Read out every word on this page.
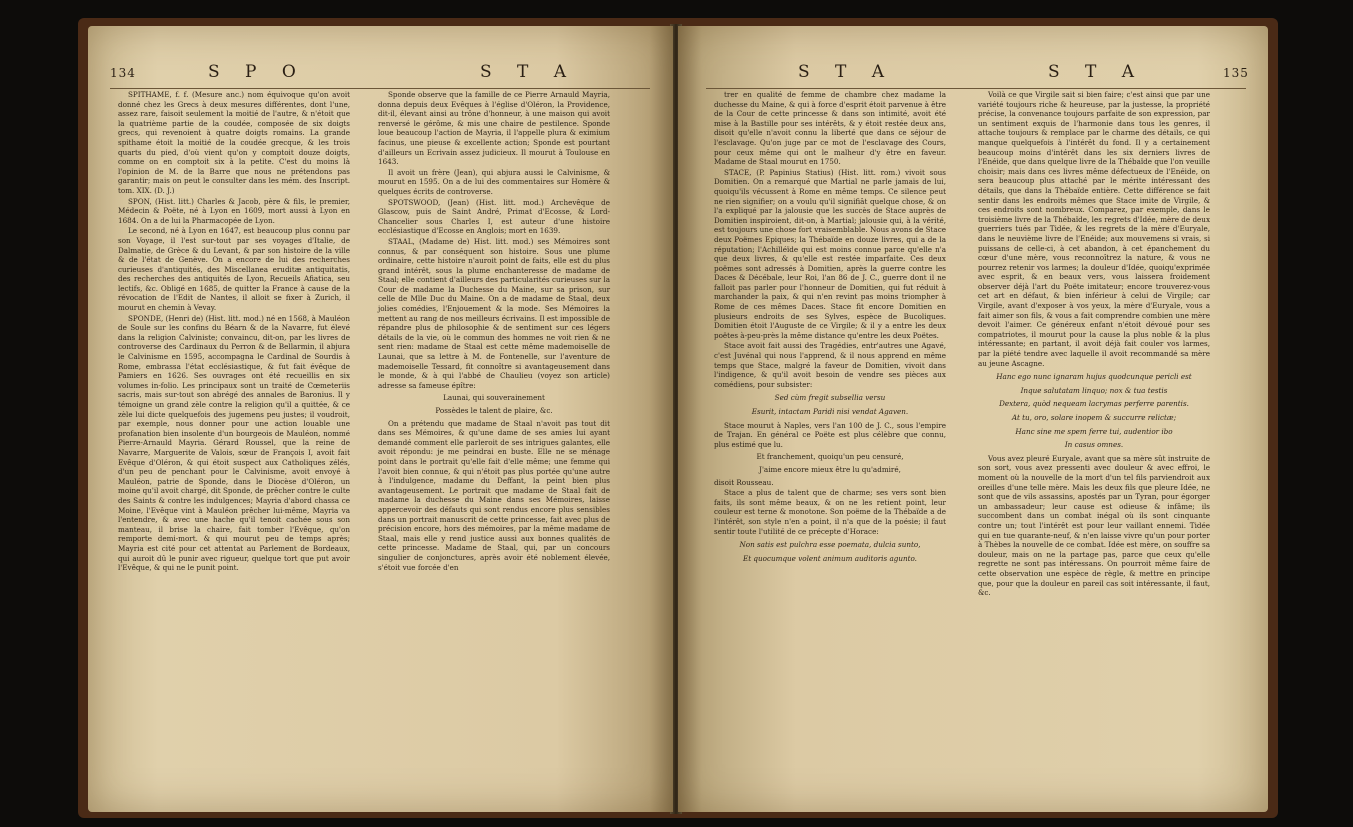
134	S P O	S T A

SPITHAME, f. f. (Mesure anc.) nom équivoque qu'on avoit donné chez les Grecs à deux mesures différentes, dont l'une, assez rare, faisoit seulement la moitié de l'autre, & n'étoit que la quatrième partie de la coudée, composée de six doigts grecs, qui revenoient à quatre doigts romains. La grande spithame étoit la moitié de la coudée grecque, & les trois quarts du pied, d'où vient qu'on y comptoit douze doigts, comme on en comptoit six à la petite. C'est du moins là l'opinion de M. de la Barre que nous ne prétendons pas garantir; mais on peut le consulter dans les mém. des Inscript. tom. XIX. (D. J.)

SPON, (Hist. litt.) Charles & Jacob, père & fils, le premier, Médecin & Poëte, né à Lyon en 1609, mort aussi à Lyon en 1684. On a de lui la Pharmacopée de Lyon.

Le second, né à Lyon en 1647, est beaucoup plus connu par son Voyage, il l'est sur-tout par ses voyages d'Italie, de Dalmatie, de Grèce & du Levant, & par son histoire de la ville & de l'état de Genève. On a encore de lui des recherches curieuses d'antiquités, des Miscellanea eruditæ antiquitatis, des recherches des antiquités de Lyon, Recueils Afiatica, seu lectifs, &c. Obligé en 1685, de quitter la France à cause de la révocation de l'Edit de Nantes, il alloit se fixer à Zurich, il mourut en chemin à Vevay.

SPONDE, (Henri de) (Hist. litt. mod.) né en 1568, à Mauléon de Soule sur les confins du Béarn & de la Navarre, fut élevé dans la religion Calviniste; convaincu, dit-on, par les livres de controverse des Cardinaux du Perron & de Bellarmin, il abjura le Calvinisme en 1595, accompagna le Cardinal de Sourdis à Rome, embrassa l'état ecclésiastique, & fut fait évêque de Pamiers en 1626. Ses ouvrages ont été recueillis en six volumes in-folio. Les principaux sont un traité de Cœmeteriis sacris, mais sur-tout son abrégé des annales de Baronius. Il y témoigne un grand zèle contre la religion qu'il a quittée, & ce zèle lui dicte quelquefois des jugemens peu justes; il voudroit, par exemple, nous donner pour une action louable une profanation bien insolente d'un bourgeois de Mauléon, nommé Pierre-Arnauld Mayria. Gérard Roussel, que la reine de Navarre, Marguerite de Valois, sœur de François I, avoit fait Evêque d'Oléron, & qui étoit suspect aux Catholiques zélés, d'un peu de penchant pour le Calvinisme, avoit envoyé à Mauléon, patrie de Sponde, dans le Diocèse d'Oléron, un moine qu'il avoit chargé, dit Sponde, de prêcher contre le culte des Saints & contre les indulgences; Mayria d'abord chassa ce Moine, l'Evêque vint à Mauléon prêcher lui-même, Mayria va l'entendre, & avec une hache qu'il tenoit cachée sous son manteau, il brise la chaire, fait tomber l'Evêque, qu'on remporte demi-mort. & qui mourut peu de temps après; Mayria est cité pour cet attentat au Parlement de Bordeaux, qui auroit dû le punir avec rigueur, quelque tort que put avoir l'Evêque, & qui ne le punit point.

Sponde observe que la famille de ce Pierre Arnauld Mayria, donna depuis deux Evêques à l'église d'Oléron, la Providence, dit-il, élevant ainsi au trône d'honneur, à une maison qui avoit renversé le gérôme, & mis une chaire de pestilence. Sponde loue beaucoup l'action de Mayria, il l'appelle plura & eximium facinus, une pieuse & excellente action; Sponde est pourtant d'ailleurs un Ecrivain assez judicieux. Il mourut à Toulouse en 1643.

Il avoit un frère (Jean), qui abjura aussi le Calvinisme, & mourut en 1595. On a de lui des commentaires sur Homère & quelques écrits de controverse.

SPOTSWOOD, (Jean) (Hist. litt. mod.) Archevêque de Glascow, puis de Saint André, Primat d'Ecosse, & Lord-Chancelier sous Charles I, est auteur d'une histoire ecclésiastique d'Ecosse en Anglois; mort en 1639.

STAAL, (Madame de) Hist. litt. mod.) ses Mémoires sont connus, & par conséquent son histoire. Sous une plume ordinaire, cette histoire n'auroit point de faits, elle est du plus grand intérêt, sous la plume enchanteresse de madame de Staal; elle contient d'ailleurs des particularités curieuses sur la Cour de madame la Duchesse du Maine, sur sa prison, sur celle de Mlle Duc du Maine. On a de madame de Staal, deux jolies comédies, l'Enjouement & la mode. Ses Mémoires la mettent au rang de nos meilleurs écrivains. Il est impossible de répandre plus de philosophie & de sentiment sur ces légers détails de la vie, où le commun des hommes ne voit rien & ne sent rien: madame de Staal est cette même mademoiselle de Launai, que sa lettre à M. de Fontenelle, sur l'aventure de mademoiselle Tessard, fit connoître si avantageusement dans le monde, & à qui l'abbé de Chaulieu (voyez son article) adresse sa fameuse épître:

Launai, qui souverainement

Possèdes le talent de plaire, &c.

On a prétendu que madame de Staal n'avoit pas tout dit dans ses Mémoires, & qu'une dame de ses amies lui ayant demandé comment elle parleroit de ses intrigues galantes, elle avoit répondu: je me peindrai en buste. Elle ne se ménage point dans le portrait qu'elle fait d'elle même; une femme qui l'avoit bien connue, & qui n'étoit pas plus portée qu'une autre à l'indulgence, madame du Deffant, la peint bien plus avantageusement. Le portrait que madame de Staal fait de madame la duchesse du Maine dans ses Mémoires, laisse appercevoir des défauts qui sont rendus encore plus sensibles dans un portrait manuscrit de cette princesse, fait avec plus de précision encore, hors des mémoires, par la même madame de Staal, mais elle y rend justice aussi aux bonnes qualités de cette princesse. Madame de Staal, qui, par un concours singulier de conjonctures, après avoir été noblement élevée, s'étoit vue forcée d'en

S T A	S T A	135

trer en qualité de femme de chambre chez madame la duchesse du Maine, & qui à force d'esprit étoit parvenue à être de la Cour de cette princesse & dans son intimité, avoit été mise à la Bastille pour ses intérêts, & y étoit restée deux ans, disoit qu'elle n'avoit connu la liberté que dans ce séjour de l'esclavage. Qu'on juge par ce mot de l'esclavage des Cours, pour ceux même qui ont le malheur d'y être en faveur. Madame de Staal mourut en 1750.

STACE, (P. Papinius Statius) (Hist. litt. rom.) vivoit sous Domitien. On a remarqué que Martial ne parle jamais de lui, quoiqu'ils vécussent à Rome en même temps. Ce silence peut ne rien signifier; on a voulu qu'il signifiât quelque chose, & on l'a expliqué par la jalousie que les succès de Stace auprès de Domitien inspiroient, dit-on, à Martial; jalousie qui, à la vérité, est toujours une chose fort vraisemblable. Nous avons de Stace deux Poëmes Epiques; la Thébaïde en douze livres, qui a de la réputation; l'Achilléïde qui est moins connue parce qu'elle n'a que deux livres, & qu'elle est restée imparfaite. Ces deux poëmes sont adressés à Domitien, après la guerre contre les Daces & Décébale, leur Roi, l'an 86 de J. C., guerre dont il ne falloit pas parler pour l'honneur de Domitien, qui fut réduit à marchander la paix, & qui n'en revint pas moins triompher à Rome de ces mêmes Daces. Stace fit encore Domitien en plusieurs endroits de ses Sylves, espèce de Bucoliques. Domitien étoit l'Auguste de ce Virgile; & il y a entre les deux poëtes à-peu-près la même distance qu'entre les deux Poëtes.

Stace avoit fait aussi des Tragédies, entr'autres une Agavé, c'est Juvénal qui nous l'apprend, & il nous apprend en même temps que Stace, malgré la faveur de Domitien, vivoit dans l'indigence, & qu'il avoit besoin de vendre ses pièces aux comédiens, pour subsister:

Sed cùm fregit subsellia versu

Esurit, intactam Paridi nisi vendat Agaven.

Stace mourut à Naples, vers l'an 100 de J. C., sous l'empire de Trajan. En général ce Poëte est plus célèbre que connu, plus estimé que lu.

Et franchement, quoiqu'un peu censuré,

J'aime encore mieux être lu qu'admiré,

disoit Rousseau.

Stace a plus de talent que de charme; ses vers sont bien faits, ils sont même beaux, & on ne les retient point, leur couleur est terne & monotone. Son poëme de la Thébaïde a de l'intérêt, son style n'en a point, il n'a que de la poésie; il faut sentir toute l'utilité de ce précepte d'Horace:

Non satis est pulchra esse poemata, dulcia sunto,

Et quocumque volent animum auditoris agunto.

Voilà ce que Virgile sait si bien faire; c'est ainsi que par une variété toujours riche & heureuse, par la justesse, la propriété précise, la convenance toujours parfaite de son expression, par un sentiment exquis de l'harmonie dans tous les genres, il attache toujours & remplace par le charme des détails, ce qui manque quelquefois à l'intérêt du fond. Il y a certainement beaucoup moins d'intérêt dans les six derniers livres de l'Enéide, que dans quelque livre de la Thébaïde que l'on veuille choisir; mais dans ces livres même défectueux de l'Enéide, on sera beaucoup plus attaché par le mérite intéressant des détails, que dans la Thébaïde entière. Cette différence se fait sentir dans les endroits mêmes que Stace imite de Virgile, & ces endroits sont nombreux. Comparez, par exemple, dans le troisième livre de la Thébaïde, les regrets d'Idée, mère de deux guerriers tués par Tidée, & les regrets de la mère d'Euryale, dans le neuvième livre de l'Enéide; aux mouvemens si vrais, si puissans de celle-ci, à cet abandon, à cet épanchement du cœur d'une mère, vous reconnoîtrez la nature, & vous ne pourrez retenir vos larmes; la douleur d'Idée, quoiqu'exprimée avec esprit, & en beaux vers, vous laissera froidement observer déjà l'art du Poëte imitateur; encore trouverez-vous cet art en défaut, & bien inférieur à celui de Virgile; car Virgile, avant d'exposer à vos yeux, la mère d'Euryale, vous a fait aimer son fils, & vous a fait comprendre combien une mère devoit l'aimer. Ce généreux enfant n'étoit dévoué pour ses compatriotes, il mourut pour la cause la plus noble & la plus intéressante; en partant, il avoit déjà fait couler vos larmes, par la piété tendre avec laquelle il avoit recommandé sa mère au jeune Ascagne.

Hanc ego nunc ignaram hujus quodcunque pericli est

Inque salutatam linquo; nox & tua testis

Dextera, quòd nequeam lacrymas perferre parentis.

At tu, oro, solare inopem & succurre relictæ;

Hanc sine me spem ferre tui, audentior ibo

In casus omnes.

Vous avez pleuré Euryale, avant que sa mère sût instruite de son sort, vous avez pressenti avec douleur & avec effroi, le moment où la nouvelle de la mort d'un tel fils parviendroit aux oreilles d'une telle mère. Mais les deux fils que pleure Idée, ne sont que de vils assassins, apostés par un Tyran, pour égorger un ambassadeur; leur cause est odieuse & infâme; ils succombent dans un combat inégal où ils sont cinquante contre un; tout l'intérêt est pour leur vaillant ennemi. Tidée qui en tue quarante-neuf, & n'en laisse vivre qu'un pour porter à Thèbes la nouvelle de ce combat. Idée est mère, on souffre sa douleur, mais on ne la partage pas, parce que ceux qu'elle regrette ne sont pas intéressans. On pourroit même faire de cette observation une espèce de règle, & mettre en principe que, pour que la douleur en pareil cas soit intéressante, il faut, &c.
